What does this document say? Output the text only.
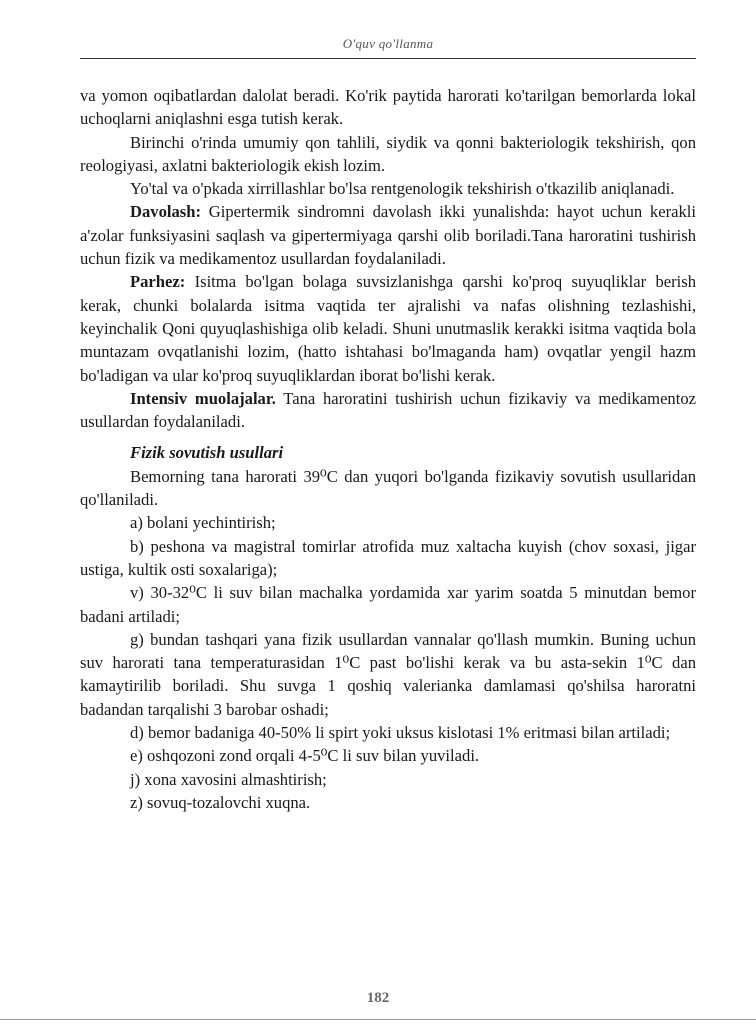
O'quv qo'llanma

va yomon oqibatlardan dalolat beradi. Ko'rik paytida harorati ko'tarilgan bemorlarda lokal uchoqlarni aniqlashni esga tutish kerak.

Birinchi o'rinda umumiy qon tahlili, siydik va qonni bakteriologik tekshirish, qon reologiyasi, axlatni bakteriologik ekish lozim.

Yo'tal va o'pkada xirrillashlar bo'lsa rentgenologik tekshirish o'tkazilib aniqlanadi.

Davolash: Gipertermik sindromni davolash ikki yunalishda: hayot uchun kerakli a'zolar funksiyasini saqlash va gipertermiyaga qarshi olib boriladi.Tana haroratini tushirish uchun fizik va medikamentoz usullardan foydalaniladi.

Parhez: Isitma bo'lgan bolaga suvsizlanishga qarshi ko'proq suyuqliklar berish kerak, chunki bolalarda isitma vaqtida ter ajralishi va nafas olishning tezlashishi, keyinchalik Qoni quyuqlashishiga olib keladi. Shuni unutmaslik kerakki isitma vaqtida bola muntazam ovqatlanishi lozim, (hatto ishtahasi bo'lmaganda ham) ovqatlar yengil hazm bo'ladigan va ular ko'proq suyuqliklardan iborat bo'lishi kerak.

Intensiv muolajalar. Tana haroratini tushirish uchun fizikaviy va medikamentoz usullardan foydalaniladi.

Fizik sovutish usullari

Bemorning tana harorati 39⁰C dan yuqori bo'lganda fizikaviy sovutish usullaridan qo'llaniladi.

a) bolani yechintirish;

b) peshona va magistral tomirlar atrofida muz xaltacha kuyish (chov soxasi, jigar ustiga, kultik osti soxalariga);

v) 30-32⁰C li suv bilan machalka yordamida xar yarim soatda 5 minutdan bemor badani artiladi;

g) bundan tashqari yana fizik usullardan vannalar qo'llash mumkin. Buning uchun suv harorati tana temperaturasidan 1⁰C past bo'lishi kerak va bu asta-sekin 1⁰C dan kamaytirilib boriladi. Shu suvga 1 qoshiq valerianka damlamasi qo'shilsa haroratni badandan tarqalishi 3 barobar oshadi;

d) bemor badaniga 40-50% li spirt yoki uksus kislotasi 1% eritmasi bilan artiladi;

e) oshqozoni zond orqali 4-5⁰C li suv bilan yuviladi.

j) xona xavosini almashtirish;

z) sovuq-tozalovchi xuqna.

182
